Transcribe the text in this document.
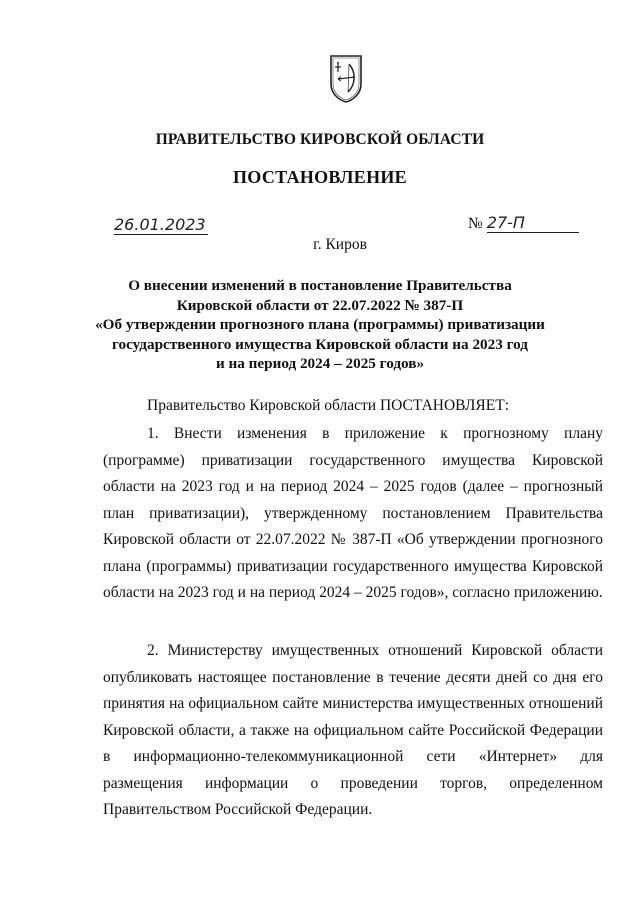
ПРАВИТЕЛЬСТВО КИРОВСКОЙ ОБЛАСТИ
ПОСТАНОВЛЕНИЕ
26.01.2023	№ 27-П
г. Киров
О внесении изменений в постановление Правительства
Кировской области от 22.07.2022 № 387-П
«Об утверждении прогнозного плана (программы) приватизации
государственного имущества Кировской области на 2023 год
и на период 2024 – 2025 годов»
Правительство Кировской области ПОСТАНОВЛЯЕТ:
1. Внести изменения в приложение к прогнозному плану (программе) приватизации государственного имущества Кировской области на 2023 год и на период 2024 – 2025 годов (далее – прогнозный план приватизации), утвержденному постановлением Правительства Кировской области от 22.07.2022 № 387-П «Об утверждении прогнозного плана (программы) приватизации государственного имущества Кировской области на 2023 год и на период 2024 – 2025 годов», согласно приложению.
2. Министерству имущественных отношений Кировской области опубликовать настоящее постановление в течение десяти дней со дня его принятия на официальном сайте министерства имущественных отношений Кировской области, а также на официальном сайте Российской Федерации в информационно-телекоммуникационной сети «Интернет» для размещения информации о проведении торгов, определенном Правительством Российской Федерации.
